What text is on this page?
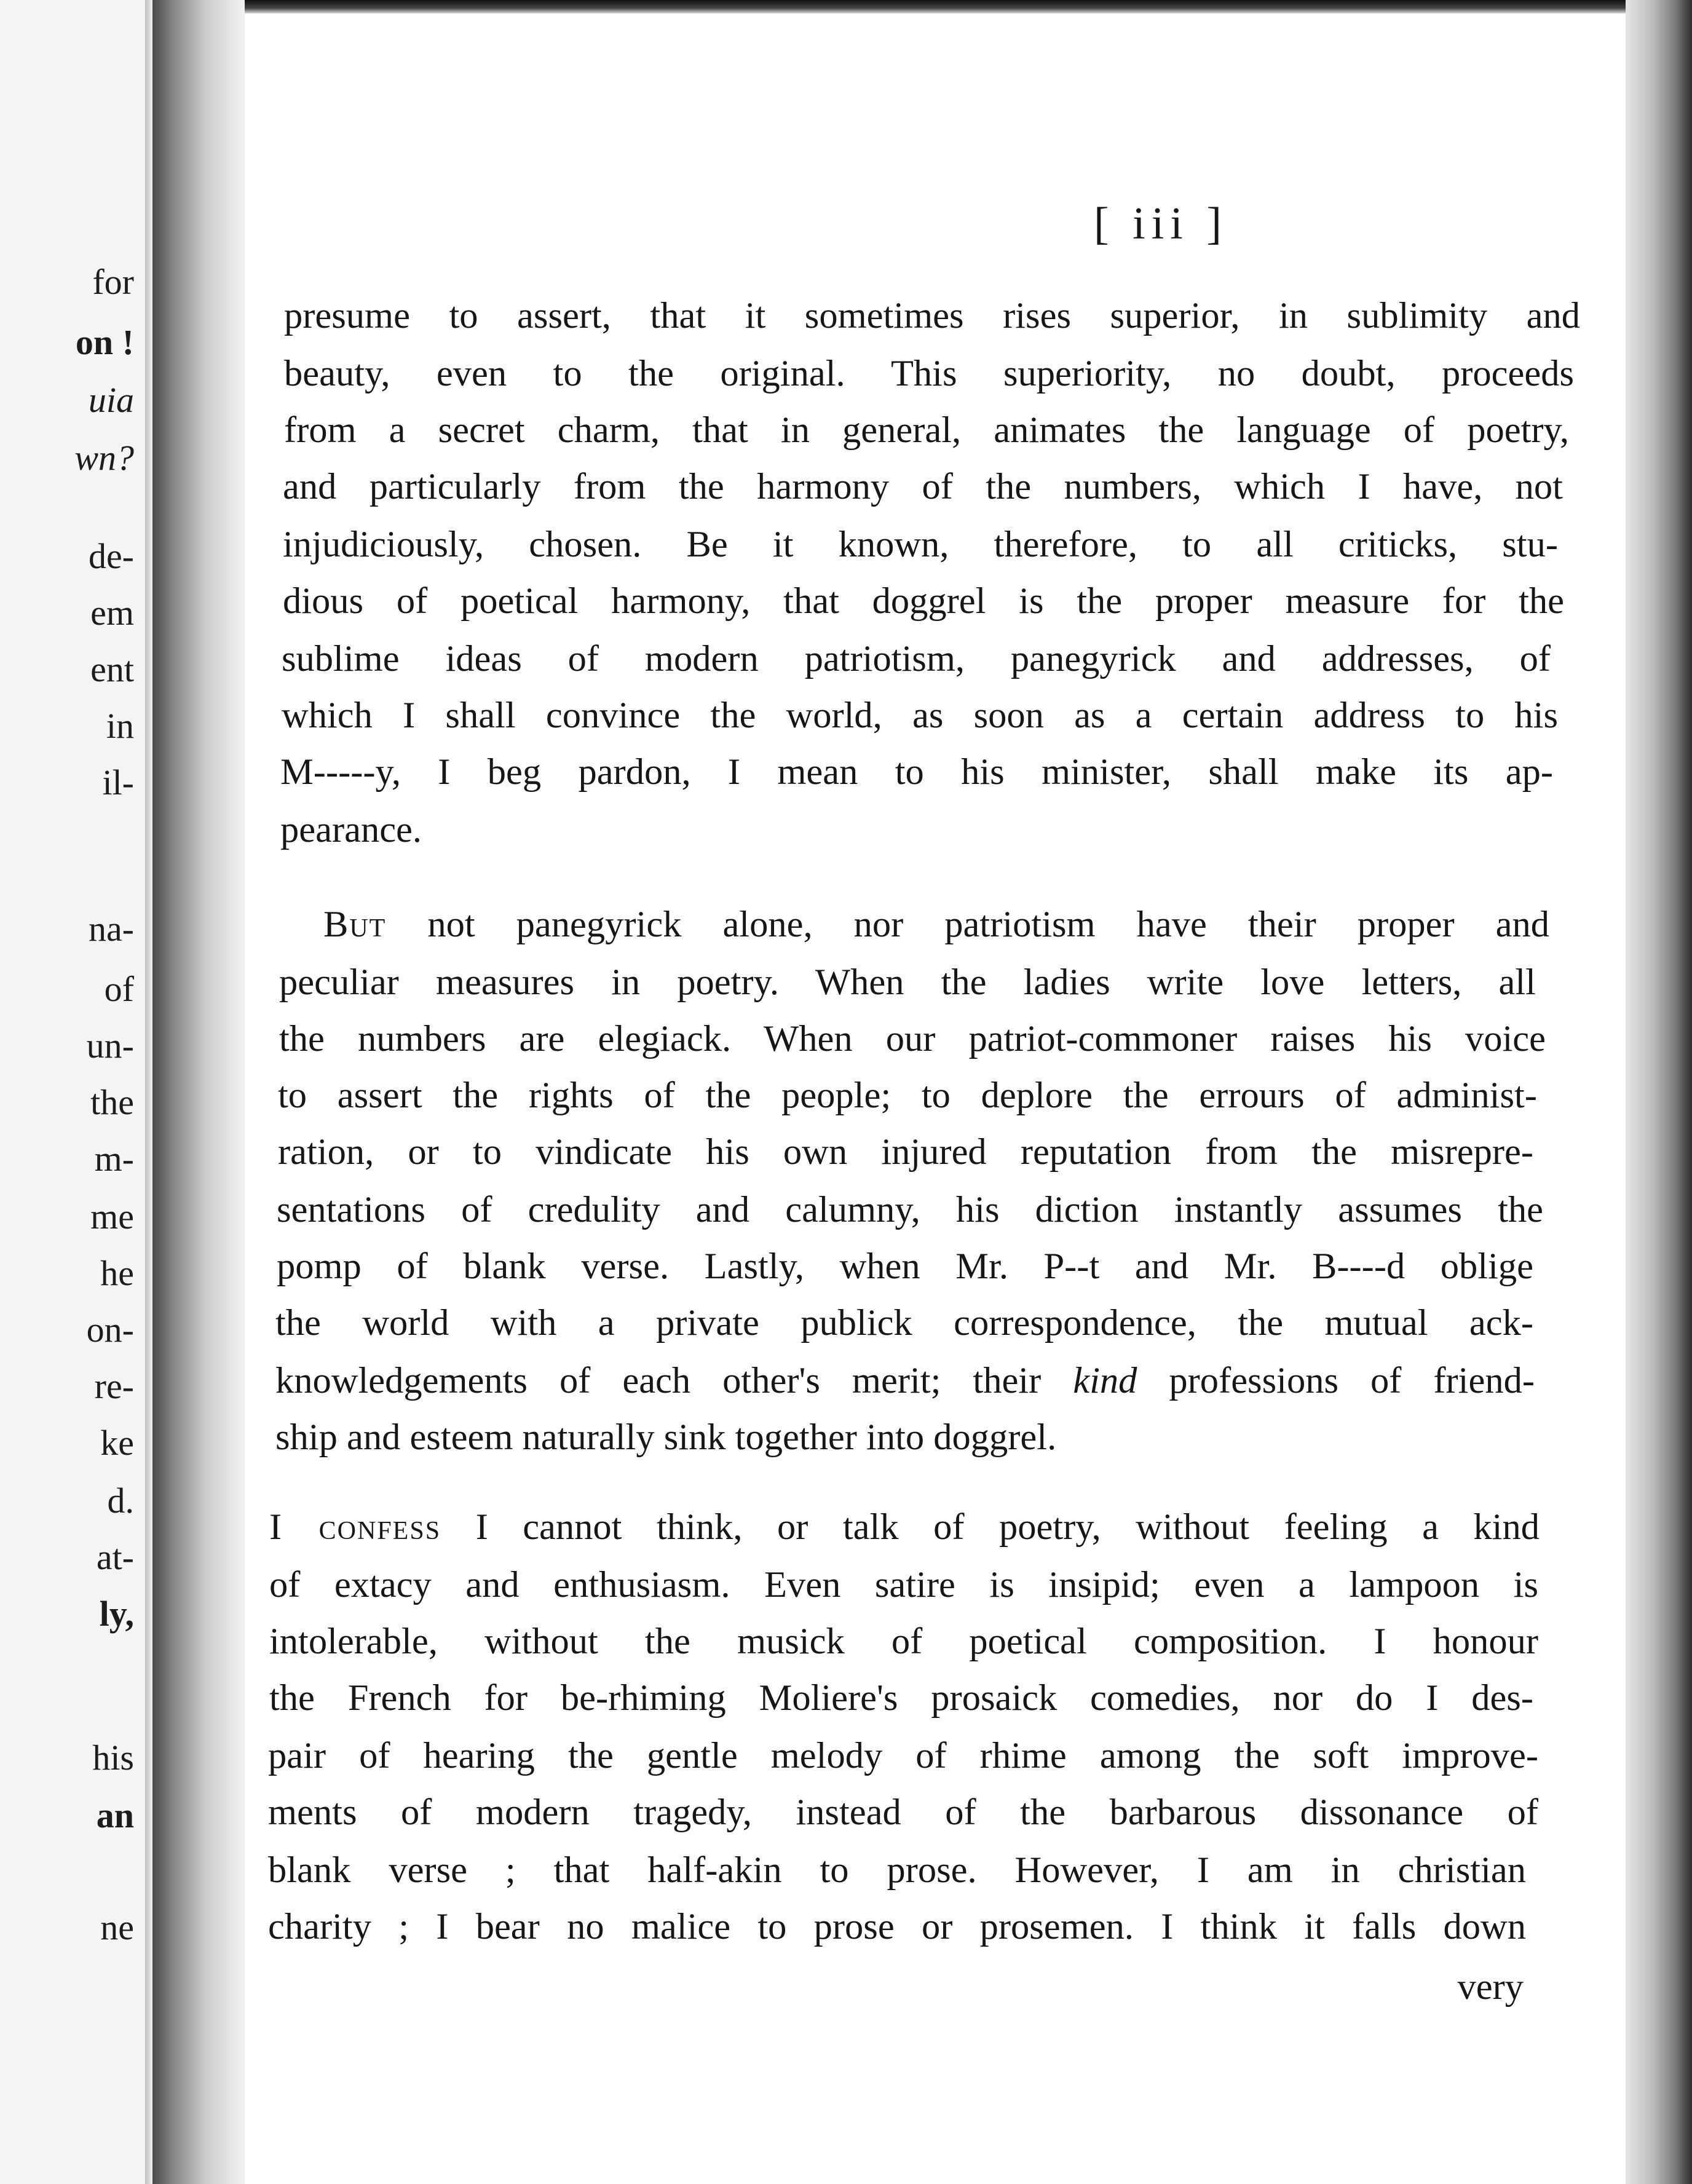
for
on !
uia
wn?
de-
em
ent
in
il-
na-
of
un-
the
m-
me
he
on-
re-
ke
d.
at-
ly,
his
an
ne
[ iii ]
presume to assert, that it sometimes rises superior, in sublimity and
beauty, even to the original. This superiority, no doubt, proceeds
from a secret charm, that in general, animates the language of poetry,
and particularly from the harmony of the numbers, which I have, not
injudiciously, chosen. Be it known, therefore, to all criticks, stu-
dious of poetical harmony, that doggrel is the proper measure for the
sublime ideas of modern patriotism, panegyrick and addresses, of
which I shall convince the world, as soon as a certain address to his
M-----y, I beg pardon, I mean to his minister, shall make its ap-
pearance.
But not panegyrick alone, nor patriotism have their proper and
peculiar measures in poetry. When the ladies write love letters, all
the numbers are elegiack. When our patriot-commoner raises his voice
to assert the rights of the people; to deplore the errours of administ-
ration, or to vindicate his own injured reputation from the misrepre-
sentations of credulity and calumny, his diction instantly assumes the
pomp of blank verse. Lastly, when Mr. P--t and Mr. B----d oblige
the world with a private publick correspondence, the mutual ack-
knowledgements of each other's merit; their kind professions of friend-
ship and esteem naturally sink together into doggrel.
I confess I cannot think, or talk of poetry, without feeling a kind
of extacy and enthusiasm. Even satire is insipid; even a lampoon is
intolerable, without the musick of poetical composition. I honour
the French for be-rhiming Moliere's prosaick comedies, nor do I des-
pair of hearing the gentle melody of rhime among the soft improve-
ments of modern tragedy, instead of the barbarous dissonance of
blank verse ; that half-akin to prose. However, I am in christian
charity ; I bear no malice to prose or prosemen. I think it falls down
very
